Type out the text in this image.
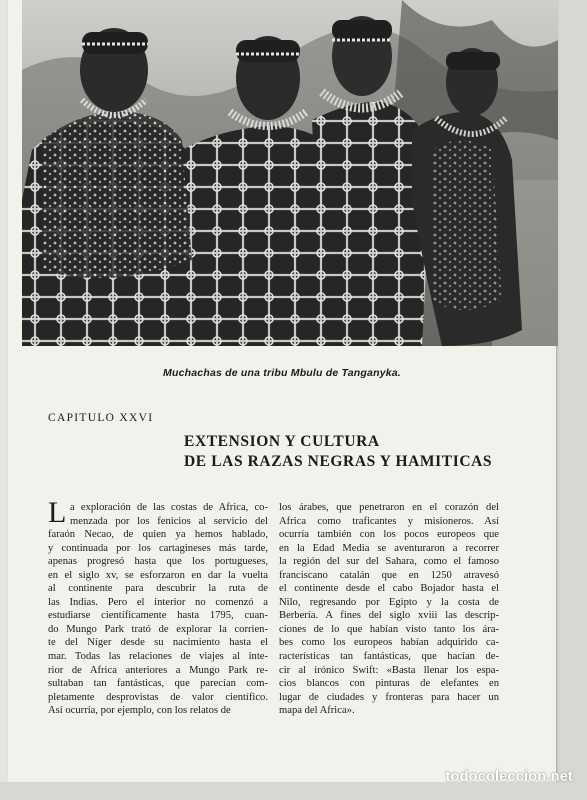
Muchachas de una tribu Mbulu de Tanganyka.
CAPITULO XXVI
EXTENSION Y CULTURA
DE LAS RAZAS NEGRAS Y HAMITICAS
L a exploración de las costas de Africa, co-
menzada por los fenicios al servicio del
faraón Necao, de quien ya hemos hablado,
y continuada por los cartagineses más tarde,
apenas progresó hasta que los portugueses,
en el siglo xv, se esforzaron en dar la vuelta
al continente para descubrir la ruta de
las Indias. Pero el interior no comenzó a
estudiarse científicamente hasta 1795, cuan-
do Mungo Park trató de explorar la corrien-
te del Níger desde su nacimiento hasta el
mar. Todas las relaciones de viajes al inte-
rior de Africa anteriores a Mungo Park re-
sultaban tan fantásticas, que parecían com-
pletamente desprovistas de valor científico.
Así ocurría, por ejemplo, con los relatos de
los árabes, que penetraron en el corazón del
Africa como traficantes y misioneros. Así
ocurría también con los pocos europeos que
en la Edad Media se aventuraron a recorrer
la región del sur del Sahara, como el famoso
franciscano catalán que en 1250 atravesó
el continente desde el cabo Bojador hasta el
Nilo, regresando por Egipto y la costa de
Berbería. A fines del siglo xviii las descrip-
ciones de lo que habían visto tanto los ára-
bes como los europeos habían adquirido ca-
racterísticas tan fantásticas, que hacían de-
cir al irónico Swift: «Basta llenar los espa-
cios blancos con pinturas de elefantes en
lugar de ciudades y fronteras para hacer un
mapa del Africa».
todocoleccion.net
